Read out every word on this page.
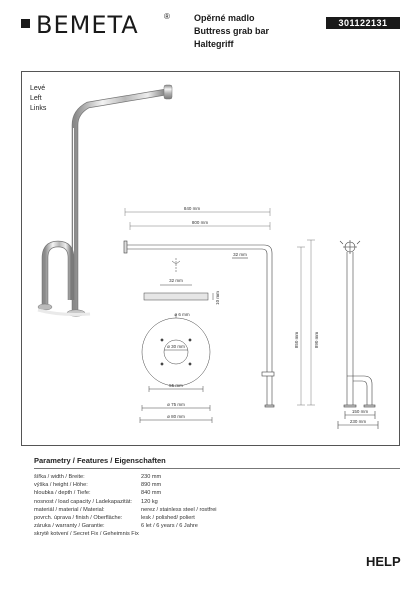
BEMETA	®	Opěrné madlo
Buttress grab bar
Haltegriff
301122131
Levé
Left
Links
840 mm
800 mm
32 mm
850 mm	890 mm
150 mm
230 mm
32 mm
10 mm
ø 6 mm
ø 30 mm
55 mm
ø 75 mm
ø 80 mm
Parametry / Features / Eigenschaften
šířka / width / Breite:	230 mm
výška / height / Höhe:	890 mm
hloubka / depth / Tiefe:	840 mm
nosnost / load capacity / Ladekapazität: 120 kg
materiál / material / Material:	nerez / stainless steel / rostfrei
povrch. úprava / finish / Oberfläche:	lesk / polished/ poliert
záruka / warranty / Garantie:	6 let / 6 years / 6 Jahre
skrytě kotvení / Secret Fix / Geheimnis Fix
HELP
